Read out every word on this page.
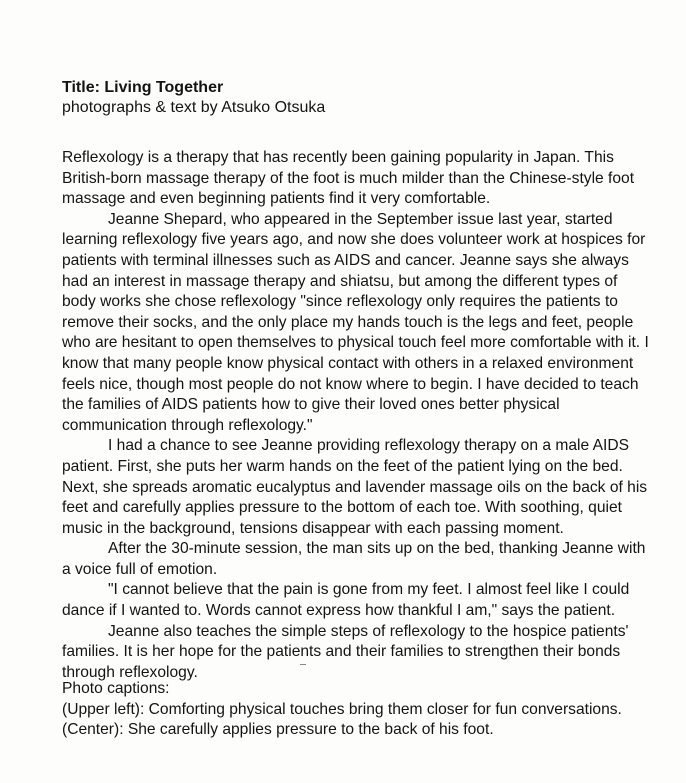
Title: Living Together

photographs & text by Atsuko Otsuka

Reflexology is a therapy that has recently been gaining popularity in Japan. This British-born massage therapy of the foot is much milder than the Chinese-style foot massage and even beginning patients find it very comfortable.

Jeanne Shepard, who appeared in the September issue last year, started learning reflexology five years ago, and now she does volunteer work at hospices for patients with terminal illnesses such as AIDS and cancer. Jeanne says she always had an interest in massage therapy and shiatsu, but among the different types of body works she chose reflexology "since reflexology only requires the patients to remove their socks, and the only place my hands touch is the legs and feet, people who are hesitant to open themselves to physical touch feel more comfortable with it. I know that many people know physical contact with others in a relaxed environment feels nice, though most people do not know where to begin. I have decided to teach the families of AIDS patients how to give their loved ones better physical communication through reflexology."

I had a chance to see Jeanne providing reflexology therapy on a male AIDS patient. First, she puts her warm hands on the feet of the patient lying on the bed. Next, she spreads aromatic eucalyptus and lavender massage oils on the back of his feet and carefully applies pressure to the bottom of each toe. With soothing, quiet music in the background, tensions disappear with each passing moment.

After the 30-minute session, the man sits up on the bed, thanking Jeanne with a voice full of emotion.

"I cannot believe that the pain is gone from my feet. I almost feel like I could dance if I wanted to. Words cannot express how thankful I am," says the patient.

Jeanne also teaches the simple steps of reflexology to the hospice patients' families. It is her hope for the patients and their families to strengthen their bonds through reflexology.

Photo captions:

(Upper left): Comforting physical touches bring them closer for fun conversations.

(Center): She carefully applies pressure to the back of his foot.
